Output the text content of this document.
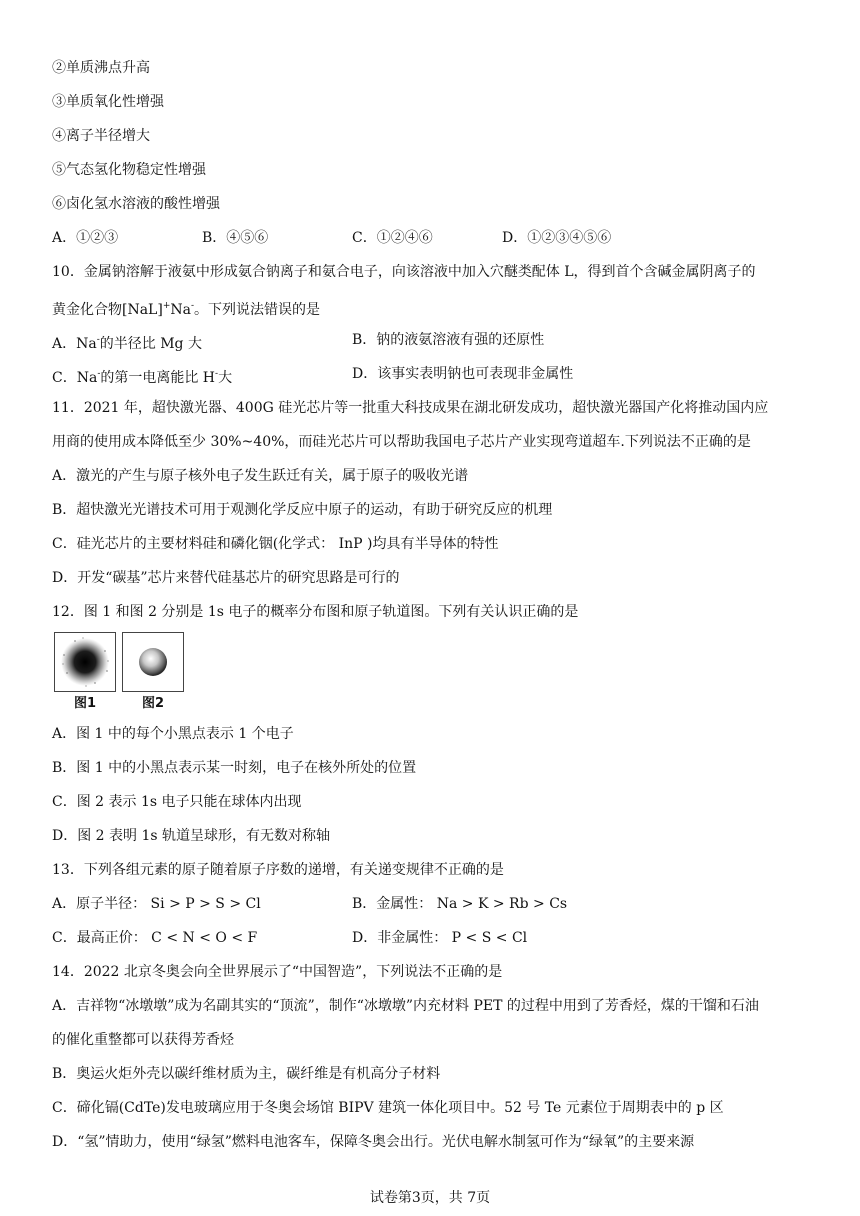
②单质沸点升高
③单质氧化性增强
④离子半径增大
⑤气态氢化物稳定性增强
⑥卤化氢水溶液的酸性增强
A．①②③	B．④⑤⑥	C．①②④⑥	D．①②③④⑤⑥
10．金属钠溶解于液氨中形成氨合钠离子和氨合电子，向该溶液中加入穴醚类配体 L，得到首个含碱金属阴离子的
黄金化合物[NaL]+Na-。下列说法错误的是
A．Na-的半径比 Mg 大	B．钠的液氨溶液有强的还原性
C．Na-的第一电离能比 H-大	D．该事实表明钠也可表现非金属性
11．2021 年，超快激光器、400G 硅光芯片等一批重大科技成果在湖北研发成功，超快激光器国产化将推动国内应
用商的使用成本降低至少 30%~40%，而硅光芯片可以帮助我国电子芯片产业实现弯道超车.下列说法不正确的是
A．激光的产生与原子核外电子发生跃迁有关，属于原子的吸收光谱
B．超快激光光谱技术可用于观测化学反应中原子的运动，有助于研究反应的机理
C．硅光芯片的主要材料硅和磷化铟(化学式： InP )均具有半导体的特性
D．开发“碳基”芯片来替代硅基芯片的研究思路是可行的
12．图 1 和图 2 分别是 1s 电子的概率分布图和原子轨道图。下列有关认识正确的是
图1	图2
A．图 1 中的每个小黑点表示 1 个电子
B．图 1 中的小黑点表示某一时刻，电子在核外所处的位置
C．图 2 表示 1s 电子只能在球体内出现
D．图 2 表明 1s 轨道呈球形，有无数对称轴
13．下列各组元素的原子随着原子序数的递增，有关递变规律不正确的是
A．原子半径： Si > P > S > Cl	B．金属性： Na > K > Rb > Cs
C．最高正价： C < N < O < F	D．非金属性： P < S < Cl
14．2022 北京冬奥会向全世界展示了“中国智造”，下列说法不正确的是
A．吉祥物“冰墩墩”成为名副其实的“顶流”，制作“冰墩墩”内充材料 PET 的过程中用到了芳香烃，煤的干馏和石油
的催化重整都可以获得芳香烃
B．奥运火炬外壳以碳纤维材质为主，碳纤维是有机高分子材料
C．碲化镉(CdTe)发电玻璃应用于冬奥会场馆 BIPV 建筑一体化项目中。52 号 Te 元素位于周期表中的 p 区
D．“氢”情助力，使用“绿氢”燃料电池客车，保障冬奥会出行。光伏电解水制氢可作为“绿氧”的主要来源
试卷第3页，共 7页
